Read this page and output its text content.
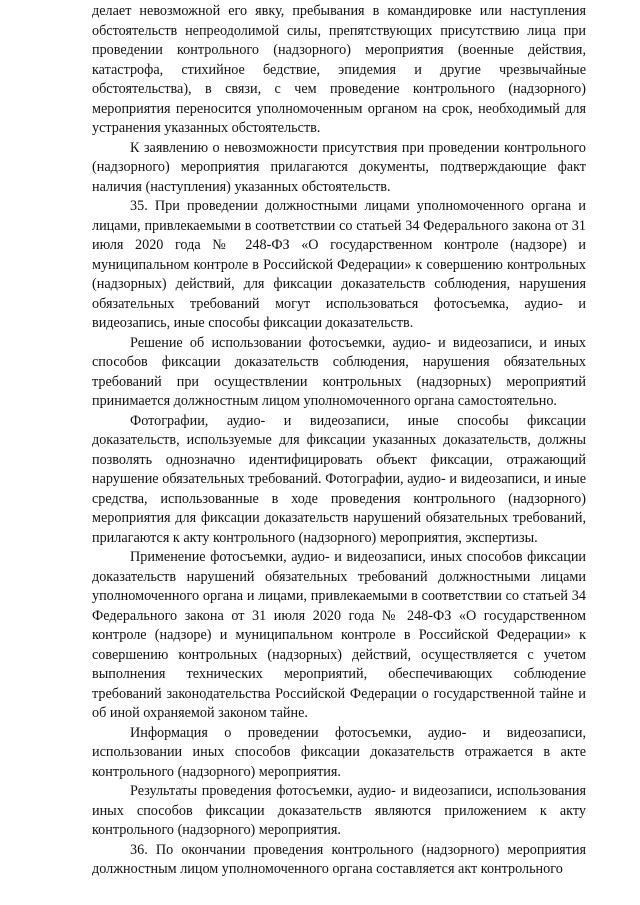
делает невозможной его явку, пребывания в командировке или наступления обстоятельств непреодолимой силы, препятствующих присутствию лица при проведении контрольного (надзорного) мероприятия (военные действия, катастрофа, стихийное бедствие, эпидемия и другие чрезвычайные обстоятельства), в связи, с чем проведение контрольного (надзорного) мероприятия переносится уполномоченным органом на срок, необходимый для устранения указанных обстоятельств.

К заявлению о невозможности присутствия при проведении контрольного (надзорного) мероприятия прилагаются документы, подтверждающие факт наличия (наступления) указанных обстоятельств.

35. При проведении должностными лицами уполномоченного органа и лицами, привлекаемыми в соответствии со статьей 34 Федерального закона от 31 июля 2020 года № 248-ФЗ «О государственном контроле (надзоре) и муниципальном контроле в Российской Федерации» к совершению контрольных (надзорных) действий, для фиксации доказательств соблюдения, нарушения обязательных требований могут использоваться фотосъемка, аудио- и видеозапись, иные способы фиксации доказательств.

Решение об использовании фотосъемки, аудио- и видеозаписи, и иных способов фиксации доказательств соблюдения, нарушения обязательных требований при осуществлении контрольных (надзорных) мероприятий принимается должностным лицом уполномоченного органа самостоятельно.

Фотографии, аудио- и видеозаписи, иные способы фиксации доказательств, используемые для фиксации указанных доказательств, должны позволять однозначно идентифицировать объект фиксации, отражающий нарушение обязательных требований. Фотографии, аудио- и видеозаписи, и иные средства, использованные в ходе проведения контрольного (надзорного) мероприятия для фиксации доказательств нарушений обязательных требований, прилагаются к акту контрольного (надзорного) мероприятия, экспертизы.

Применение фотосъемки, аудио- и видеозаписи, иных способов фиксации доказательств нарушений обязательных требований должностными лицами уполномоченного органа и лицами, привлекаемыми в соответствии со статьей 34 Федерального закона от 31 июля 2020 года № 248-ФЗ «О государственном контроле (надзоре) и муниципальном контроле в Российской Федерации» к совершению контрольных (надзорных) действий, осуществляется с учетом выполнения технических мероприятий, обеспечивающих соблюдение требований законодательства Российской Федерации о государственной тайне и об иной охраняемой законом тайне.

Информация о проведении фотосъемки, аудио- и видеозаписи, использовании иных способов фиксации доказательств отражается в акте контрольного (надзорного) мероприятия.

Результаты проведения фотосъемки, аудио- и видеозаписи, использования иных способов фиксации доказательств являются приложением к акту контрольного (надзорного) мероприятия.

36. По окончании проведения контрольного (надзорного) мероприятия должностным лицом уполномоченного органа составляется акт контрольного
